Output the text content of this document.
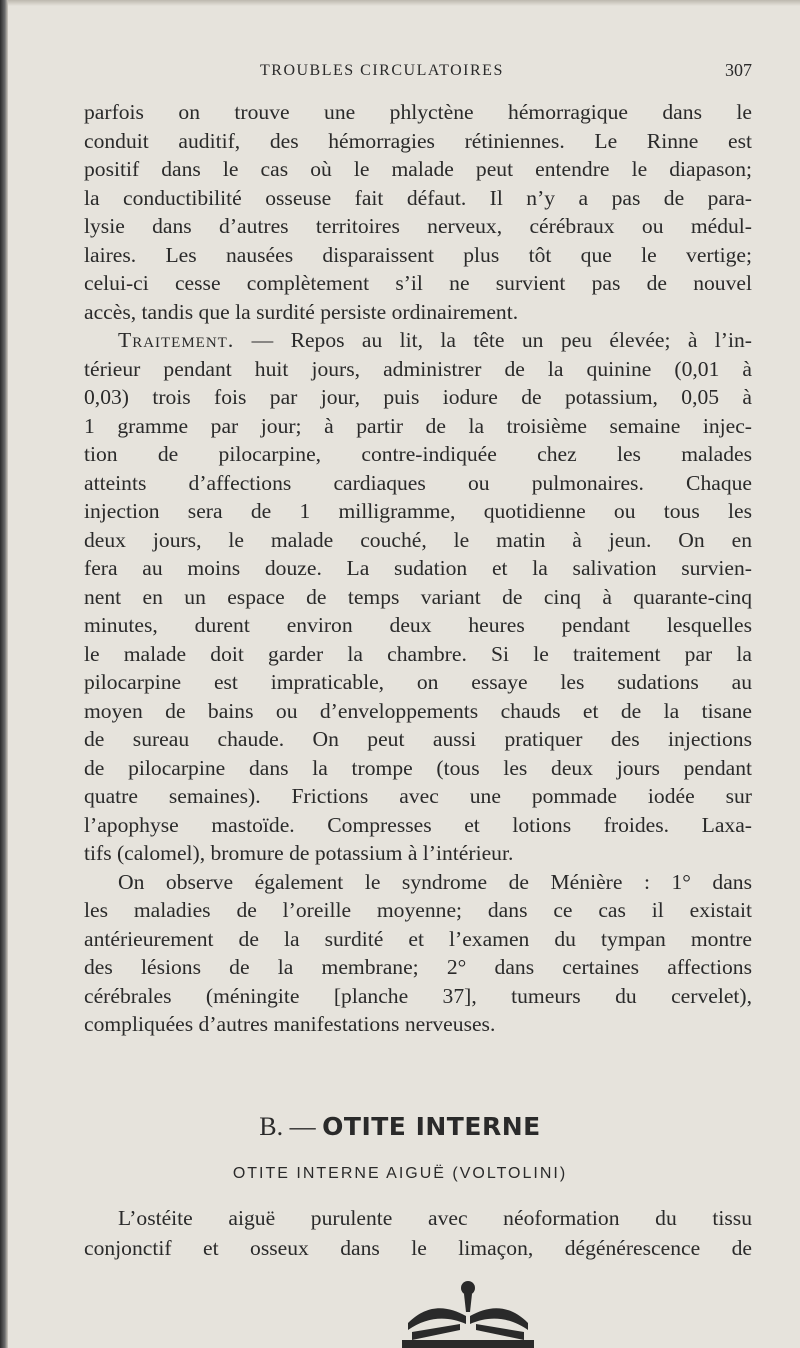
TROUBLES CIRCULATOIRES	307
parfois on trouve une phlyctène hémorragique dans le
conduit auditif, des hémorragies rétiniennes. Le Rinne est
positif dans le cas où le malade peut entendre le diapason;
la conductibilité osseuse fait défaut. Il n’y a pas de para-
lysie dans d’autres territoires nerveux, cérébraux ou médul-
laires. Les nausées disparaissent plus tôt que le vertige;
celui-ci cesse complètement s’il ne survient pas de nouvel
accès, tandis que la surdité persiste ordinairement.
Traitement. — Repos au lit, la tête un peu élevée; à l’in-
térieur pendant huit jours, administrer de la quinine (0,01 à
0,03) trois fois par jour, puis iodure de potassium, 0,05 à
1 gramme par jour; à partir de la troisième semaine injec-
tion de pilocarpine, contre-indiquée chez les malades
atteints d’affections cardiaques ou pulmonaires. Chaque
injection sera de 1 milligramme, quotidienne ou tous les
deux jours, le malade couché, le matin à jeun. On en
fera au moins douze. La sudation et la salivation survien-
nent en un espace de temps variant de cinq à quarante-cinq
minutes, durent environ deux heures pendant lesquelles
le malade doit garder la chambre. Si le traitement par la
pilocarpine est impraticable, on essaye les sudations au
moyen de bains ou d’enveloppements chauds et de la tisane
de sureau chaude. On peut aussi pratiquer des injections
de pilocarpine dans la trompe (tous les deux jours pendant
quatre semaines). Frictions avec une pommade iodée sur
l’apophyse mastoïde. Compresses et lotions froides. Laxa-
tifs (calomel), bromure de potassium à l’intérieur.
On observe également le syndrome de Ménière : 1° dans
les maladies de l’oreille moyenne; dans ce cas il existait
antérieurement de la surdité et l’examen du tympan montre
des lésions de la membrane; 2° dans certaines affections
cérébrales (méningite [planche 37], tumeurs du cervelet),
compliquées d’autres manifestations nerveuses.
B. — OTITE INTERNE
OTITE INTERNE AIGUË (VOLTOLINI)
L’ostéite aiguë purulente avec néoformation du tissu
conjonctif et osseux dans le limaçon, dégénérescence de
